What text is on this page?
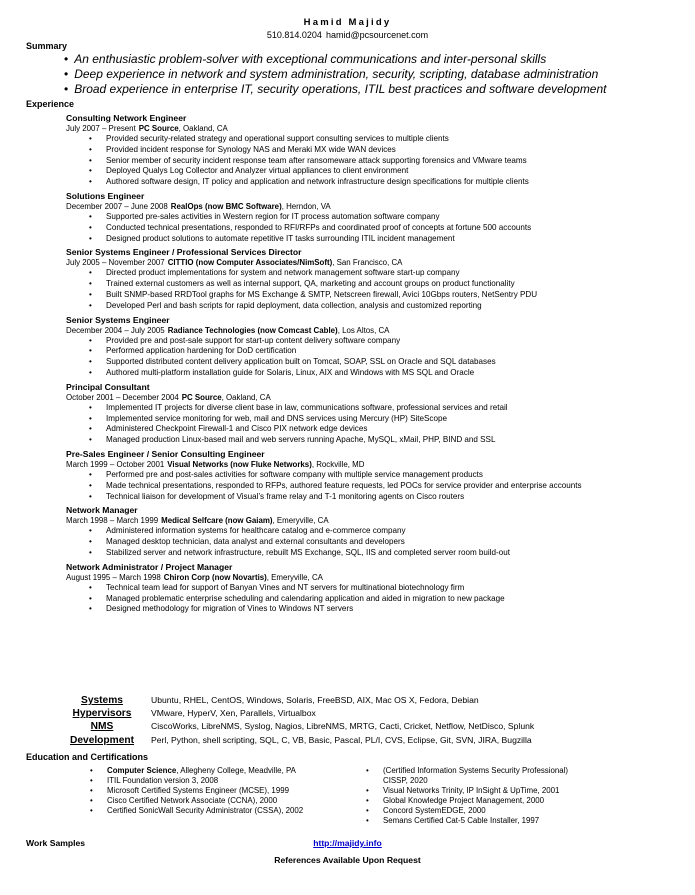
Hamid Majidy
510.814.0204 hamid@pcsourcenet.com
Summary
• An enthusiastic problem-solver with exceptional communications and inter-personal skills
• Deep experience in network and system administration, security, scripting, database administration
• Broad experience in enterprise IT, security operations, ITIL best practices and software development
Experience
Consulting Network Engineer
July 2007 – Present PC Source, Oakland, CA
• Provided security-related strategy and operational support consulting services to multiple clients
• Provided incident response for Synology NAS and Meraki MX wide WAN devices
• Senior member of security incident response team after ransomeware attack supporting forensics and VMware teams
• Deployed Qualys Log Collector and Analyzer virtual appliances to client environment
• Authored software design, IT policy and application and network infrastructure design specifications for multiple clients
Solutions Engineer
December 2007 – June 2008 RealOps (now BMC Software), Herndon, VA
• Supported pre-sales activities in Western region for IT process automation software company
• Conducted technical presentations, responded to RFI/RFPs and coordinated proof of concepts at fortune 500 accounts
• Designed product solutions to automate repetitive IT tasks surrounding ITIL incident management
Senior Systems Engineer / Professional Services Director
July 2005 – November 2007 CITTIO (now Computer Associates/NimSoft), San Francisco, CA
• Directed product implementations for system and network management software start-up company
• Trained external customers as well as internal support, QA, marketing and account groups on product functionality
• Built SNMP-based RRDTool graphs for MS Exchange & SMTP, Netscreen firewall, Avici 10Gbps routers, NetSentry PDU
• Developed Perl and bash scripts for rapid deployment, data collection, analysis and customized reporting
Senior Systems Engineer
December 2004 – July 2005 Radiance Technologies (now Comcast Cable), Los Altos, CA
• Provided pre and post-sale support for start-up content delivery software company
• Performed application hardening for DoD certification
• Supported distributed content delivery application built on Tomcat, SOAP, SSL on Oracle and SQL databases
• Authored multi-platform installation guide for Solaris, Linux, AIX and Windows with MS SQL and Oracle
Principal Consultant
October 2001 – December 2004 PC Source, Oakland, CA
• Implemented IT projects for diverse client base in law, communications software, professional services and retail
• Implemented service monitoring for web, mail and DNS services using Mercury (HP) SiteScope
• Administered Checkpoint Firewall-1 and Cisco PIX network edge devices
• Managed production Linux-based mail and web servers running Apache, MySQL, xMail, PHP, BIND and SSL
Pre-Sales Engineer / Senior Consulting Engineer
March 1999 – October 2001 Visual Networks (now Fluke Networks), Rockville, MD
• Performed pre and post-sales activities for software company with multiple service management products
• Made technical presentations, responded to RFPs, authored feature requests, led POCs for service provider and enterprise accounts
• Technical liaison for development of Visual’s frame relay and T-1 monitoring agents on Cisco routers
Network Manager
March 1998 – March 1999 Medical Selfcare (now Gaiam), Emeryville, CA
• Administered information systems for healthcare catalog and e-commerce company
• Managed desktop technician, data analyst and external consultants and developers
• Stabilized server and network infrastructure, rebuilt MS Exchange, SQL, IIS and completed server room build-out
Network Administrator / Project Manager
August 1995 – March 1998 Chiron Corp (now Novartis), Emeryville, CA
• Technical team lead for support of Banyan Vines and NT servers for multinational biotechnology firm
• Managed problematic enterprise scheduling and calendaring application and aided in migration to new package
• Designed methodology for migration of Vines to Windows NT servers
Systems	Ubuntu, RHEL, CentOS, Windows, Solaris, FreeBSD, AIX, Mac OS X, Fedora, Debian
Hypervisors	VMware, HyperV, Xen, Parallels, Virtualbox
NMS	CiscoWorks, LibreNMS, Syslog, Nagios, LibreNMS, MRTG, Cacti, Cricket, Netflow, NetDisco, Splunk
Development	Perl, Python, shell scripting, SQL, C, VB, Basic, Pascal, PL/I, CVS, Eclipse, Git, SVN, JIRA, Bugzilla
Education and Certifications
• Computer Science, Allegheny College, Meadville, PA
• ITIL Foundation version 3, 2008
• Microsoft Certified Systems Engineer (MCSE), 1999
• Cisco Certified Network Associate (CCNA), 2000
• Certified SonicWall Security Administrator (CSSA), 2002
• (Certified Information Systems Security Professional)
CISSP, 2020
• Visual Networks Trinity, IP InSight & UpTime, 2001
• Global Knowledge Project Management, 2000
• Concord SystemEDGE, 2000
• Semans Certified Cat-5 Cable Installer, 1997
Work Samples	http://majidy.info
References Available Upon Request
